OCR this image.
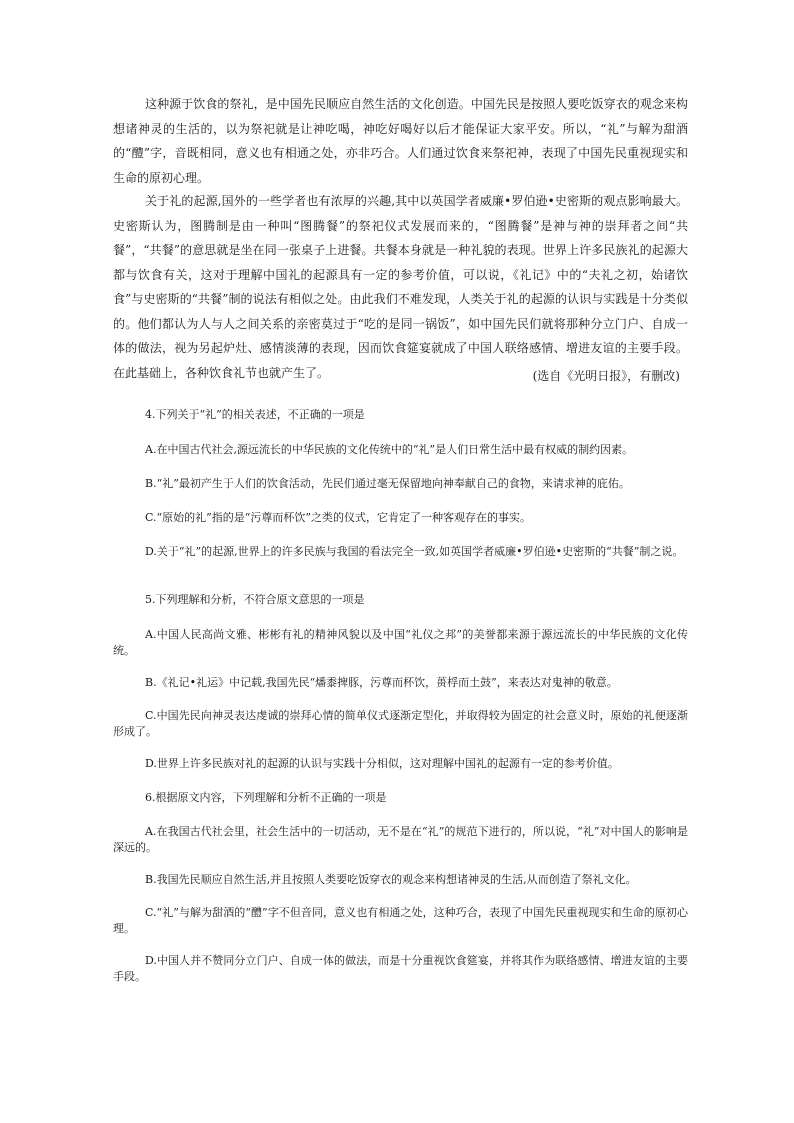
这种源于饮食的祭礼，是中国先民顺应自然生活的文化创造。中国先民是按照人要吃饭穿衣的观念来构想诸神灵的生活的，以为祭祀就是让神吃喝，神吃好喝好以后才能保证大家平安。所以，“礼”与解为甜酒的“醴”字，音既相同，意义也有相通之处，亦非巧合。人们通过饮食来祭祀神，表现了中国先民重视现实和生命的原初心理。

关于礼的起源,国外的一些学者也有浓厚的兴趣,其中以英国学者威廉•罗伯逊•史密斯的观点影响最大。史密斯认为，图腾制是由一种叫“图腾餐”的祭祀仪式发展而来的，“图腾餐”是神与神的崇拜者之间“共餐”，“共餐”的意思就是坐在同一张桌子上进餐。共餐本身就是一种礼貌的表现。世界上许多民族礼的起源大都与饮食有关，这对于理解中国礼的起源具有一定的参考价值，可以说，《礼记》中的“夫礼之初，始诸饮食”与史密斯的“共餐”制的说法有相似之处。由此我们不难发现，人类关于礼的起源的认识与实践是十分类似的。他们都认为人与人之间关系的亲密莫过于“吃的是同一锅饭”，如中国先民们就将那种分立门户、自成一体的做法，视为另起炉灶、感情淡薄的表现，因而饮食筵宴就成了中国人联络感情、增进友谊的主要手段。在此基础上，各种饮食礼节也就产生了。	(选自《光明日报》，有删改)

4.下列关于“礼”的相关表述，不正确的一项是

A.在中国古代社会,源远流长的中华民族的文化传统中的“礼”是人们日常生活中最有权威的制约因素。

B.“礼”最初产生于人们的饮食活动，先民们通过毫无保留地向神奉献自己的食物，来请求神的庇佑。

C.“原始的礼”指的是“污尊而杯饮”之类的仪式，它肯定了一种客观存在的事实。

D.关于“礼”的起源,世界上的许多民族与我国的看法完全一致,如英国学者威廉•罗伯逊•史密斯的“共餐”制之说。

5.下列理解和分析，不符合原文意思的一项是

A.中国人民高尚文雅、彬彬有礼的精神风貌以及中国“礼仪之邦”的美誉都来源于源远流长的中华民族的文化传统。

B.《礼记•礼运》中记载,我国先民“燔黍捭豚，污尊而杯饮，蒉桴而土鼓”，来表达对鬼神的敬意。

C.中国先民向神灵表达虔诚的崇拜心情的简单仪式逐渐定型化，并取得较为固定的社会意义时，原始的礼便逐渐形成了。

D.世界上许多民族对礼的起源的认识与实践十分相似，这对理解中国礼的起源有一定的参考价值。

6.根据原文内容，下列理解和分析不正确的一项是

A.在我国古代社会里，社会生活中的一切活动，无不是在“礼”的规范下进行的，所以说，“礼”对中国人的影响是深远的。

B.我国先民顺应自然生活,并且按照人类要吃饭穿衣的观念来构想诸神灵的生活,从而创造了祭礼文化。

C.“礼”与解为甜酒的“醴”字不但音同，意义也有相通之处，这种巧合，表现了中国先民重视现实和生命的原初心理。

D.中国人并不赞同分立门户、自成一体的做法，而是十分重视饮食筵宴，并将其作为联络感情、增进友谊的主要手段。
